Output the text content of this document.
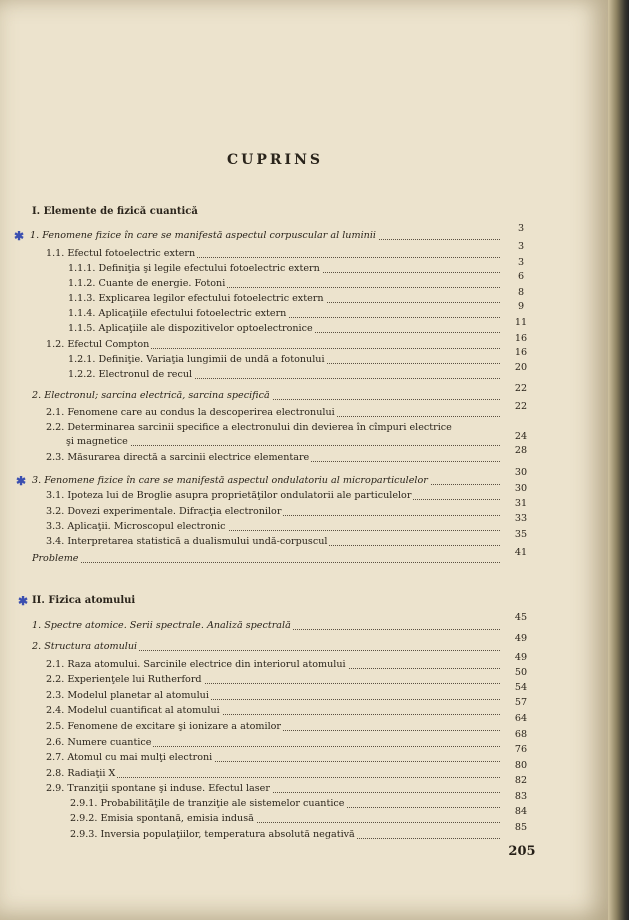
CUPRINS
I. Elemente de fizică cuantică
✱ 1. Fenomene fizice în care se manifestă aspectul corpuscular al luminii
3
1.1. Efectul fotoelectric extern
3
1.1.1. Definiţia şi legile efectului fotoelectric extern
3
1.1.2. Cuante de energie. Fotoni
6
1.1.3. Explicarea legilor efectului fotoelectric extern
8
1.1.4. Aplicaţiile efectului fotoelectric extern
9
1.1.5. Aplicaţiile ale dispozitivelor optoelectronice
11
1.2. Efectul Compton
16
1.2.1. Definiţie. Variaţia lungimii de undă a fotonului
16
1.2.2. Electronul de recul
20
2. Electronul; sarcina electrică, sarcina specifică
22
2.1. Fenomene care au condus la descoperirea electronului
22
2.2. Determinarea sarcinii specifice a electronului din devierea în cîmpuri electrice
şi magnetice	24
2.3. Măsurarea directă a sarcinii electrice elementare
28
✱ 3. Fenomene fizice în care se manifestă aspectul ondulatoriu al microparticulelor
30
3.1. Ipoteza lui de Broglie asupra proprietăţilor ondulatorii ale particulelor
30
3.2. Dovezi experimentale. Difracţia electronilor
31
3.3. Aplicaţii. Microscopul electronic
33
3.4. Interpretarea statistică a dualismului undă-corpuscul
35
Probleme
41
✱ II. Fizica atomului
1. Spectre atomice. Serii spectrale. Analiză spectrală
45
2. Structura atomului
49
2.1. Raza atomului. Sarcinile electrice din interiorul atomului
49
2.2. Experienţele lui Rutherford
50
2.3. Modelul planetar al atomului
54
2.4. Modelul cuantificat al atomului
57
2.5. Fenomene de excitare şi ionizare a atomilor
64
2.6. Numere cuantice
68
2.7. Atomul cu mai mulţi electroni
76
2.8. Radiaţii X
80
2.9. Tranziţii spontane şi induse. Efectul laser
82
2.9.1. Probabilităţile de tranziţie ale sistemelor cuantice
83
2.9.2. Emisia spontană, emisia indusă
84
2.9.3. Inversia populaţiilor, temperatura absolută negativă
85
205
